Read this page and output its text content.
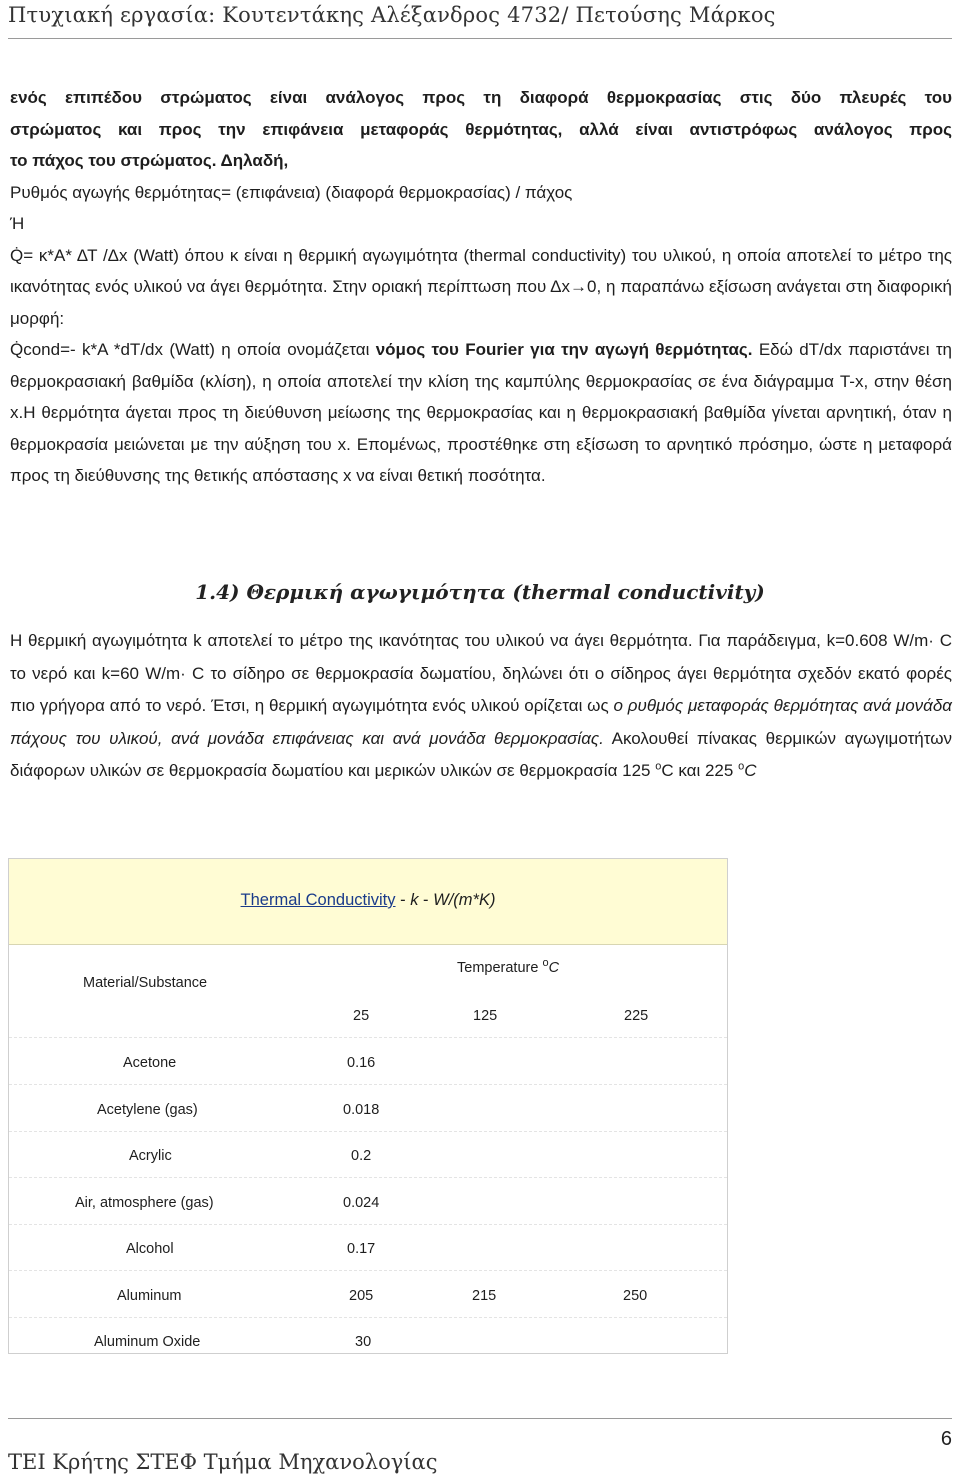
Πτυχιακή εργασία: Κουτεντάκης Αλέξανδρος 4732/ Πετούσης Μάρκος

ενός επιπέδου στρώματος είναι ανάλογος προς τη διαφορά θερμοκρασίας στις δύο πλευρές του

στρώματος και προς την επιφάνεια μεταφοράς θερμότητας, αλλά είναι αντιστρόφως ανάλογος προς

το πάχος του στρώματος. Δηλαδή,

Ρυθμός αγωγής θερμότητας= (επιφάνεια) (διαφορά θερμοκρασίας) / πάχος

Ή

Q̇= κ*Α* ΔΤ /Δx (Watt) όπου κ είναι η θερμική αγωγιμότητα (thermal conductivity) του υλικού, η οποία αποτελεί το μέτρο της ικανότητας ενός υλικού να άγει θερμότητα. Στην οριακή περίπτωση που Δx→0, η παραπάνω εξίσωση ανάγεται στη διαφορική μορφή:

Q̇cond=- k*A *dT/dx (Watt) η οποία ονομάζεται νόμος του Fourier για την αγωγή θερμότητας. Εδώ dT/dx παριστάνει τη θερμοκρασιακή βαθμίδα (κλίση), η οποία αποτελεί την κλίση της καμπύλης θερμοκρασίας σε ένα διάγραμμα T-x, στην θέση x.Η θερμότητα άγεται προς τη διεύθυνση μείωσης της θερμοκρασίας και η θερμοκρασιακή βαθμίδα γίνεται αρνητική, όταν η θερμοκρασία μειώνεται με την αύξηση του x. Επομένως, προστέθηκε στη εξίσωση το αρνητικό πρόσημο, ώστε η μεταφορά προς τη διεύθυνσης της θετικής απόστασης x να είναι θετική ποσότητα.

1.4) Θερμική αγωγιμότητα (thermal conductivity)
Η θερμική αγωγιμότητα k αποτελεί το μέτρο της ικανότητας του υλικού να άγει θερμότητα. Για παράδειγμα, k=0.608 W/m· C το νερό και k=60 W/m· C το σίδηρο σε θερμοκρασία δωματίου, δηλώνει ότι ο σίδηρος άγει θερμότητα σχεδόν εκατό φορές πιο γρήγορα από το νερό. Έτσι, η θερμική αγωγιμότητα ενός υλικού ορίζεται ως ο ρυθμός μεταφοράς θερμότητας ανά μονάδα πάχους του υλικού, ανά μονάδα επιφάνειας και ανά μονάδα θερμοκρασίας. Ακολουθεί πίνακας θερμικών αγωγιμοτήτων διάφορων υλικών σε θερμοκρασία δωματίου και μερικών υλικών σε θερμοκρασία 125 $^o$C και 225 $^o$C
Thermal Conductivity - k - W/(m*K)
Material/Substance
Temperature $^o$C
25	125	225
Acetone	0.16
Acetylene (gas)	0.018
Acrylic	0.2
Air, atmosphere (gas)	0.024
Alcohol	0.17
Aluminum	205	215	250
Aluminum Oxide	30
6
ΤΕΙ Κρήτης ΣΤΕΦ Τμήμα Μηχανολογίας
